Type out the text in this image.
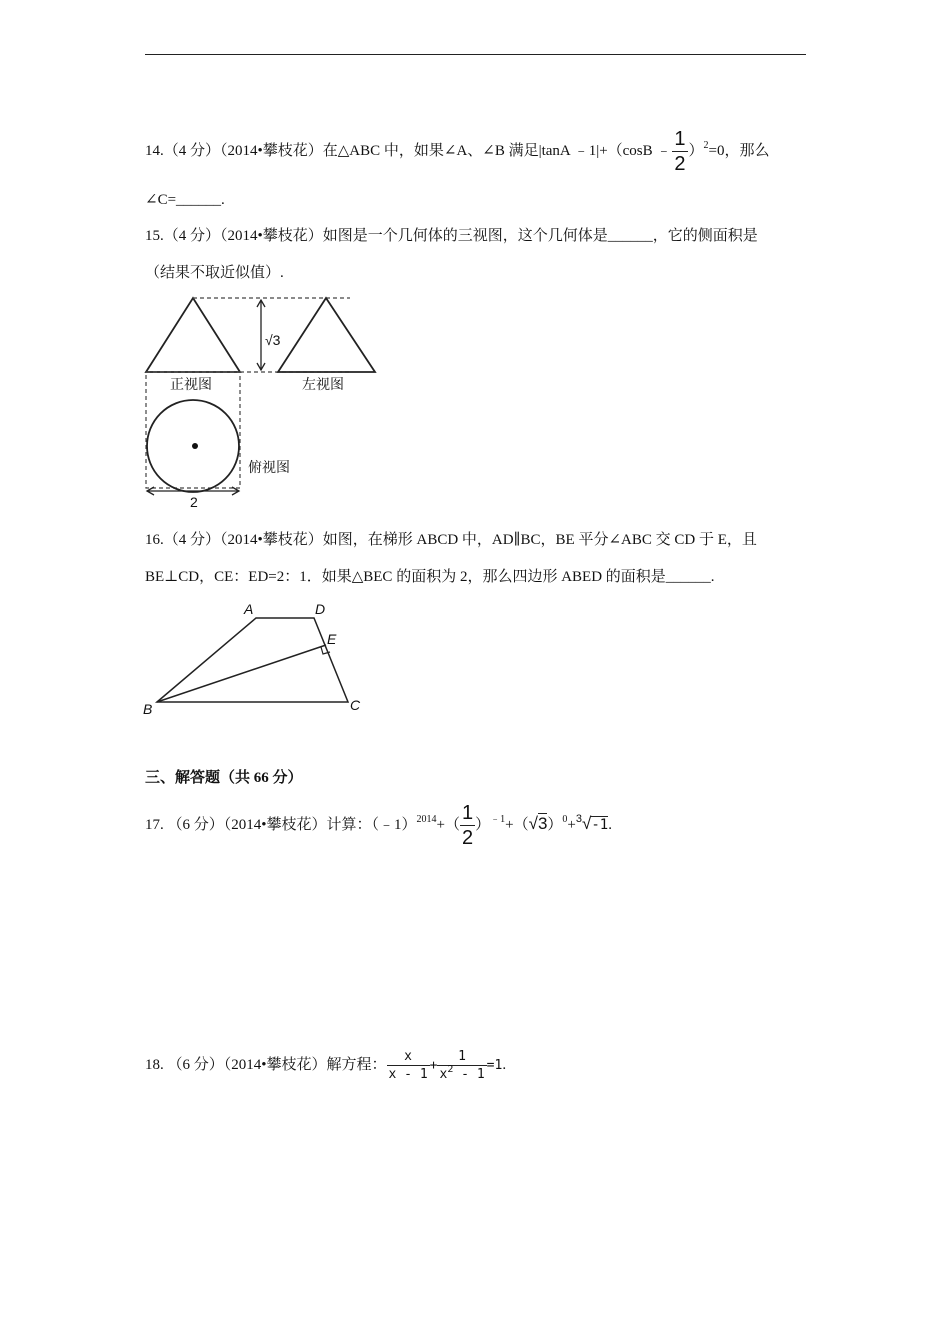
14.（4 分）（2014•攀枝花）在△ABC 中，如果∠A、∠B 满足|tanA ﹣1|+（cosB ﹣ $\frac{1}{2} )^2=0$，那么
∠C=______.
15.（4 分）（2014•攀枝花）如图是一个几何体的三视图，这个几何体是______，它的侧面积是
（结果不取近似值）.
√3
正视图	左视图
俯视图
2
16.（4 分）（2014•攀枝花）如图，在梯形 ABCD 中，AD∥BC，BE 平分∠ABC 交 CD 于 E，且
BE⊥CD，CE：ED=2：1．如果△BEC 的面积为 2，那么四边形 ABED 的面积是______.
A	D
E
B	C
三、解答题（共 66 分）
17. （6 分）（2014•攀枝花）计算：（﹣1）$^{2014}$+（ $\frac{1}{2} )^{﹣1}+(√3)^0+^3√-1$.
18. （6 分）（2014•攀枝花）解方程： $\frac{x}{x - 1} + \frac{1}{x^2 - 1} =1$.
